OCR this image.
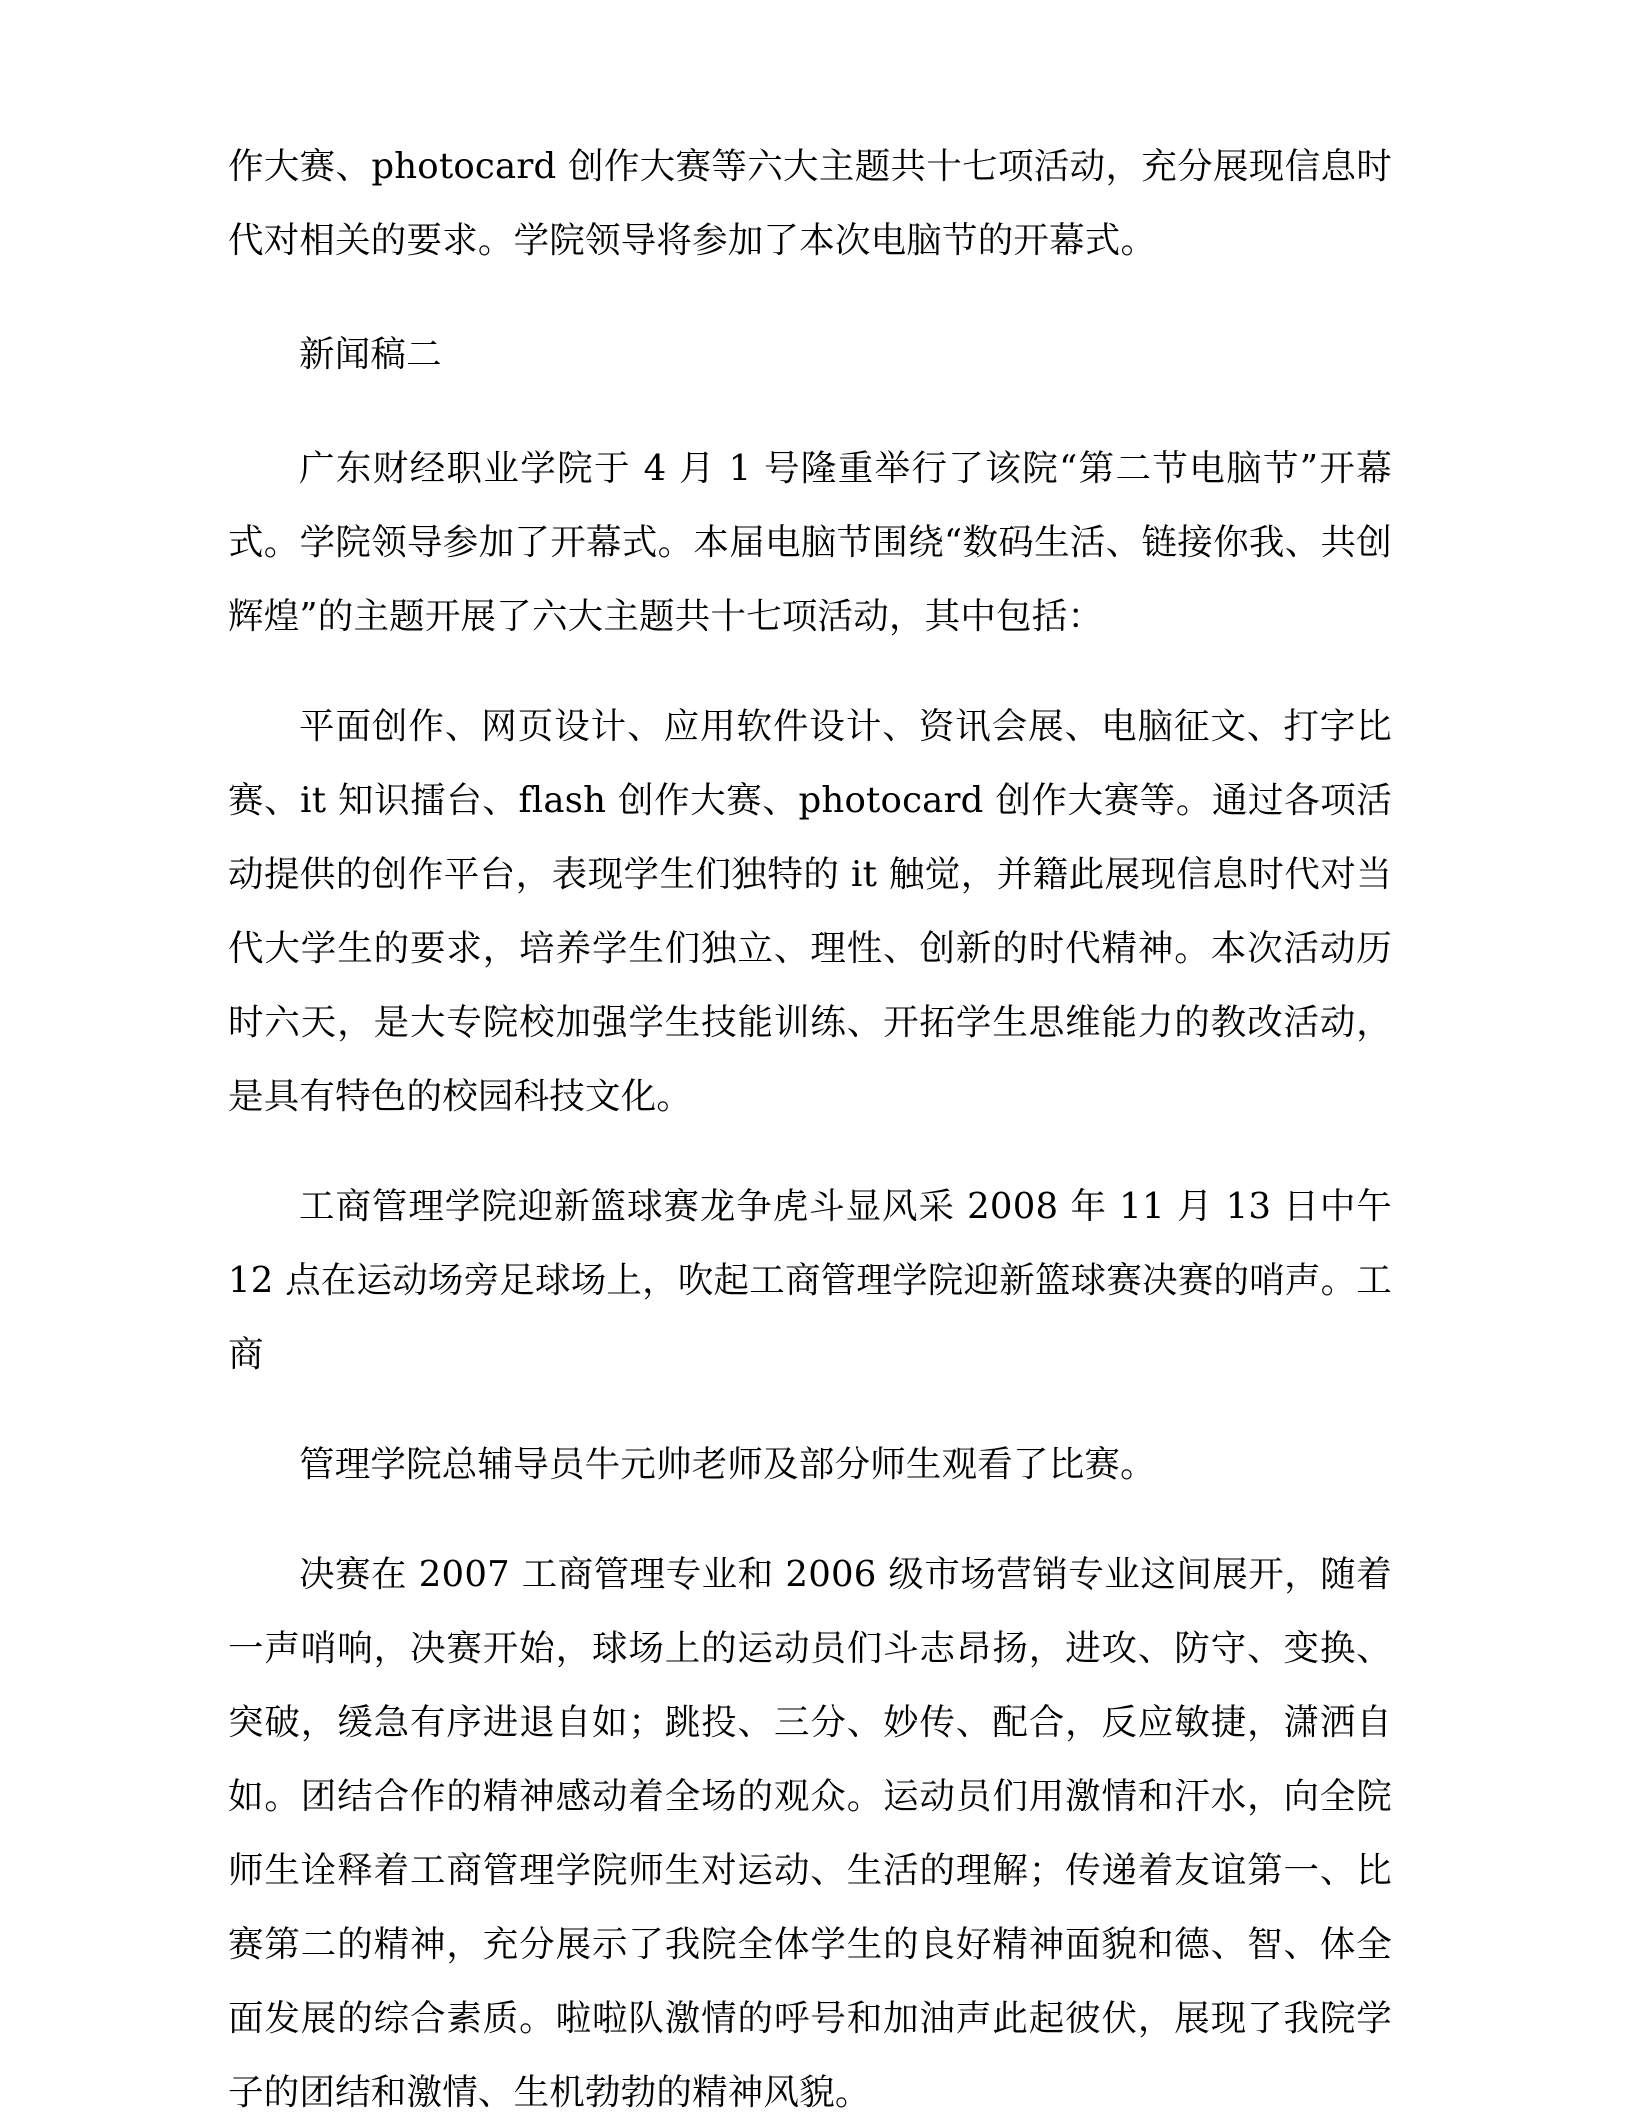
作大赛、photocard 创作大赛等六大主题共十七项活动，充分展现信息时代对相关的要求。学院领导将参加了本次电脑节的开幕式。

新闻稿二

广东财经职业学院于 4 月 1 号隆重举行了该院“第二节电脑节”开幕式。学院领导参加了开幕式。本届电脑节围绕“数码生活、链接你我、共创辉煌”的主题开展了六大主题共十七项活动，其中包括：

平面创作、网页设计、应用软件设计、资讯会展、电脑征文、打字比赛、it 知识擂台、flash 创作大赛、photocard 创作大赛等。通过各项活动提供的创作平台，表现学生们独特的 it 触觉，并籍此展现信息时代对当代大学生的要求，培养学生们独立、理性、创新的时代精神。本次活动历时六天，是大专院校加强学生技能训练、开拓学生思维能力的教改活动，是具有特色的校园科技文化。

工商管理学院迎新篮球赛龙争虎斗显风采 2008 年 11 月 13 日中午 12 点在运动场旁足球场上，吹起工商管理学院迎新篮球赛决赛的哨声。工商

管理学院总辅导员牛元帅老师及部分师生观看了比赛。

决赛在 2007 工商管理专业和 2006 级市场营销专业这间展开，随着一声哨响，决赛开始，球场上的运动员们斗志昂扬，进攻、防守、变换、突破，缓急有序进退自如；跳投、三分、妙传、配合，反应敏捷，潇洒自如。团结合作的精神感动着全场的观众。运动员们用激情和汗水，向全院师生诠释着工商管理学院师生对运动、生活的理解；传递着友谊第一、比赛第二的精神，充分展示了我院全体学生的良好精神面貌和德、智、体全面发展的综合素质。啦啦队激情的呼号和加油声此起彼伏，展现了我院学子的团结和激情、生机勃勃的精神风貌。
